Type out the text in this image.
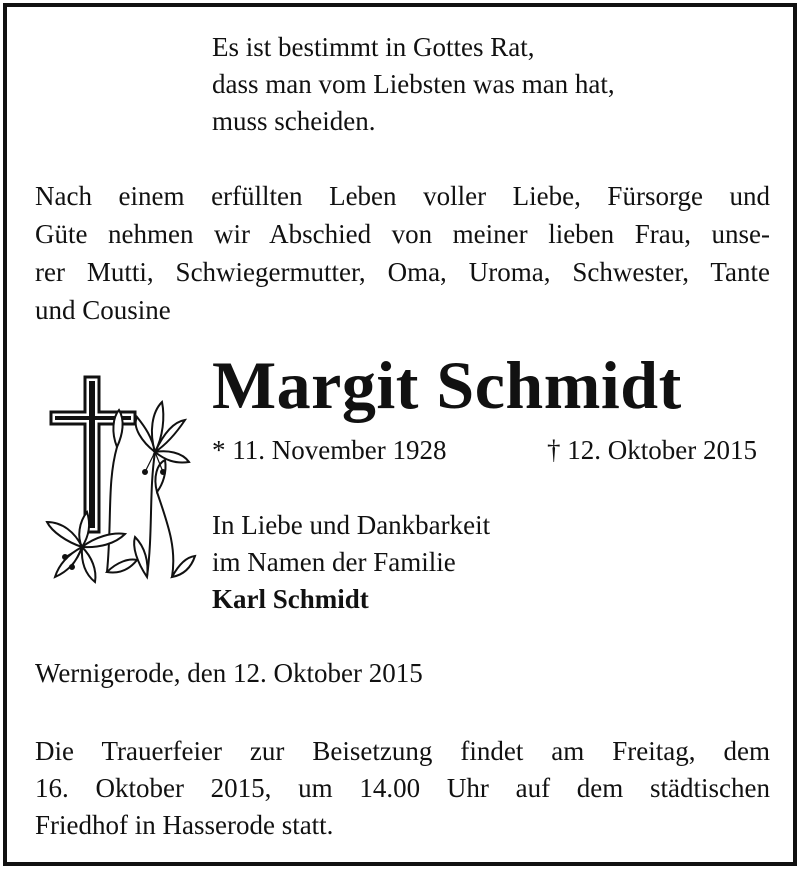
Es ist bestimmt in Gottes Rat,
dass man vom Liebsten was man hat,
muss scheiden.
Nach einem erfüllten Leben voller Liebe, Fürsorge und
Güte nehmen wir Abschied von meiner lieben Frau, unse-
rer Mutti, Schwiegermutter, Oma, Uroma, Schwester, Tante
und Cousine
Margit Schmidt
* 11. November 1928	† 12. Oktober 2015
In Liebe und Dankbarkeit
im Namen der Familie
Karl Schmidt
Wernigerode, den 12. Oktober 2015
Die Trauerfeier zur Beisetzung findet am Freitag, dem
16. Oktober 2015, um 14.00 Uhr auf dem städtischen
Friedhof in Hasserode statt.
